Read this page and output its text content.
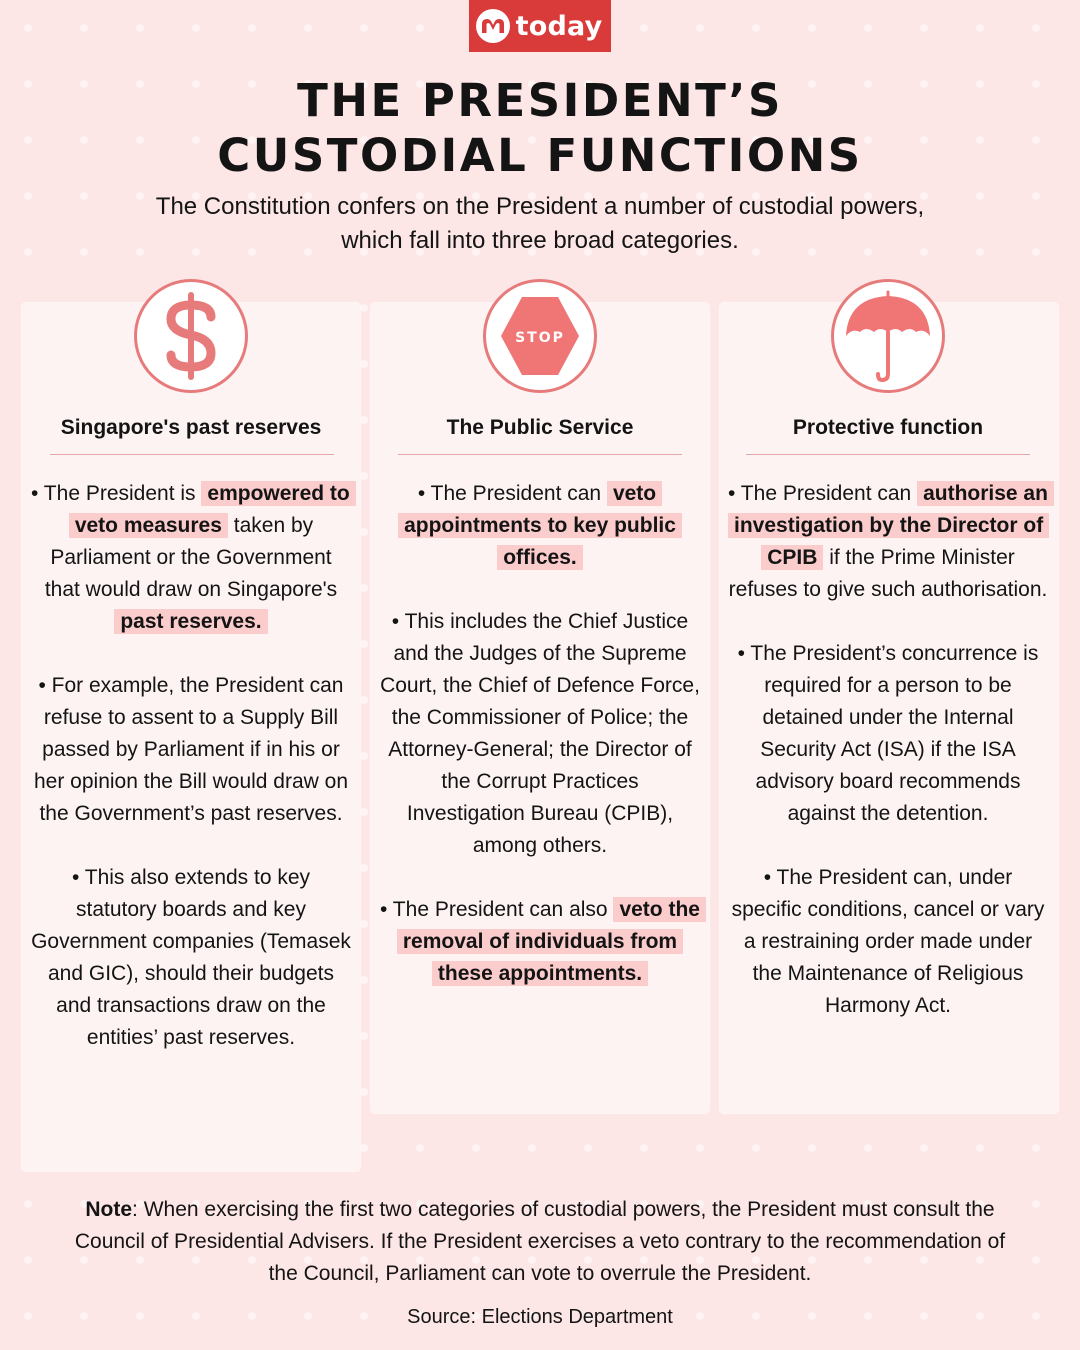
today
THE PRESIDENT’S
CUSTODIAL FUNCTIONS

The Constitution confers on the President a number of custodial powers, which fall into three broad categories.

STOP
Singapore's past reserves

• The President is empowered to veto measures taken by Parliament or the Government that would draw on Singapore's past reserves.

• For example, the President can refuse to assent to a Supply Bill passed by Parliament if in his or her opinion the Bill would draw on the Government’s past reserves.

• This also extends to key statutory boards and key Government companies (Temasek and GIC), should their budgets and transactions draw on the entities’ past reserves.

The Public Service

• The President can veto appointments to key public offices.

• This includes the Chief Justice and the Judges of the Supreme Court, the Chief of Defence Force, the Commissioner of Police; the Attorney-General; the Director of the Corrupt Practices Investigation Bureau (CPIB), among others.

• The President can also veto the removal of individuals from these appointments.

Protective function

• The President can authorise an investigation by the Director of CPIB if the Prime Minister refuses to give such authorisation.

• The President’s concurrence is required for a person to be detained under the Internal Security Act (ISA) if the ISA advisory board recommends against the detention.

• The President can, under specific conditions, cancel or vary a restraining order made under the Maintenance of Religious Harmony Act.

Note: When exercising the first two categories of custodial powers, the President must consult the Council of Presidential Advisers. If the President exercises a veto contrary to the recommendation of the Council, Parliament can vote to overrule the President.

Source: Elections Department
